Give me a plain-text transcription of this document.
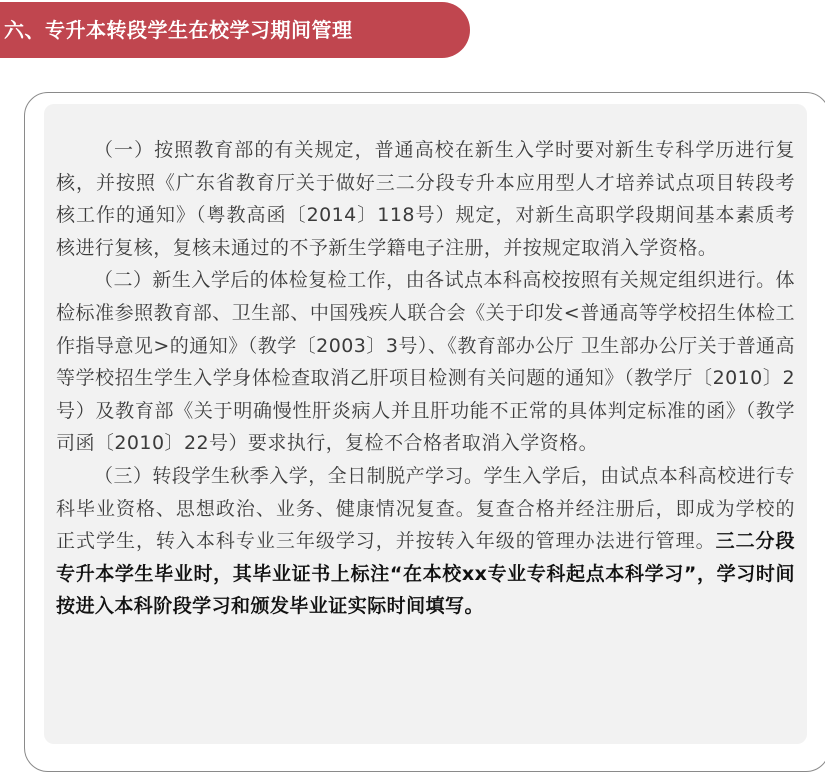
六、专升本转段学生在校学习期间管理

（一）按照教育部的有关规定，普通高校在新生入学时要对新生专科学历进行复核，并按照《广东省教育厅关于做好三二分段专升本应用型人才培养试点项目转段考核工作的通知》（粤教高函〔2014〕118号）规定，对新生高职学段期间基本素质考核进行复核，复核未通过的不予新生学籍电子注册，并按规定取消入学资格。

（二）新生入学后的体检复检工作，由各试点本科高校按照有关规定组织进行。体检标准参照教育部、卫生部、中国残疾人联合会《关于印发<普通高等学校招生体检工作指导意见>的通知》（教学〔2003〕3号）、《教育部办公厅 卫生部办公厅关于普通高等学校招生学生入学身体检查取消乙肝项目检测有关问题的通知》（教学厅〔2010〕2号）及教育部《关于明确慢性肝炎病人并且肝功能不正常的具体判定标准的函》（教学司函〔2010〕22号）要求执行，复检不合格者取消入学资格。

（三）转段学生秋季入学，全日制脱产学习。学生入学后，由试点本科高校进行专科毕业资格、思想政治、业务、健康情况复查。复查合格并经注册后，即成为学校的正式学生，转入本科专业三年级学习，并按转入年级的管理办法进行管理。三二分段专升本学生毕业时，其毕业证书上标注“在本校xx专业专科起点本科学习”，学习时间按进入本科阶段学习和颁发毕业证实际时间填写。
